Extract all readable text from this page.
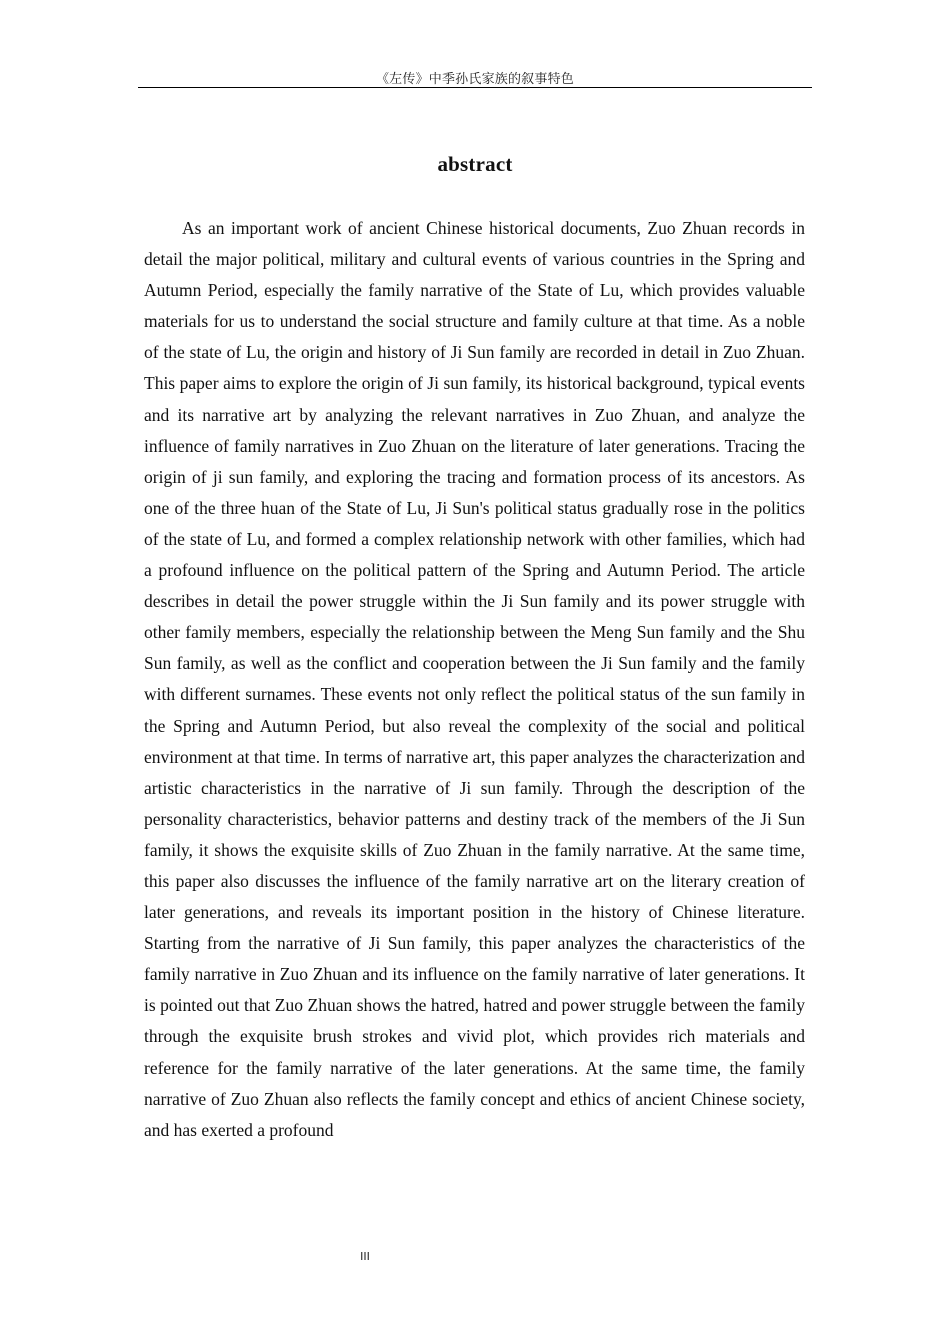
《左传》中季孙氏家族的叙事特色
abstract

As an important work of ancient Chinese historical documents, Zuo Zhuan records in detail the major political, military and cultural events of various countries in the Spring and Autumn Period, especially the family narrative of the State of Lu, which provides valuable materials for us to understand the social structure and family culture at that time. As a noble of the state of Lu, the origin and history of Ji Sun family are recorded in detail in Zuo Zhuan. This paper aims to explore the origin of Ji sun family, its historical background, typical events and its narrative art by analyzing the relevant narratives in Zuo Zhuan, and analyze the influence of family narratives in Zuo Zhuan on the literature of later generations. Tracing the origin of ji sun family, and exploring the tracing and formation process of its ancestors. As one of the three huan of the State of Lu, Ji Sun's political status gradually rose in the politics of the state of Lu, and formed a complex relationship network with other families, which had a profound influence on the political pattern of the Spring and Autumn Period. The article describes in detail the power struggle within the Ji Sun family and its power struggle with other family members, especially the relationship between the Meng Sun family and the Shu Sun family, as well as the conflict and cooperation between the Ji Sun family and the family with different surnames. These events not only reflect the political status of the sun family in the Spring and Autumn Period, but also reveal the complexity of the social and political environment at that time. In terms of narrative art, this paper analyzes the characterization and artistic characteristics in the narrative of Ji sun family. Through the description of the personality characteristics, behavior patterns and destiny track of the members of the Ji Sun family, it shows the exquisite skills of Zuo Zhuan in the family narrative. At the same time, this paper also discusses the influence of the family narrative art on the literary creation of later generations, and reveals its important position in the history of Chinese literature. Starting from the narrative of Ji Sun family, this paper analyzes the characteristics of the family narrative in Zuo Zhuan and its influence on the family narrative of later generations. It is pointed out that Zuo Zhuan shows the hatred, hatred and power struggle between the family through the exquisite brush strokes and vivid plot, which provides rich materials and reference for the family narrative of the later generations. At the same time, the family narrative of Zuo Zhuan also reflects the family concept and ethics of ancient Chinese society, and has exerted a profound

III
